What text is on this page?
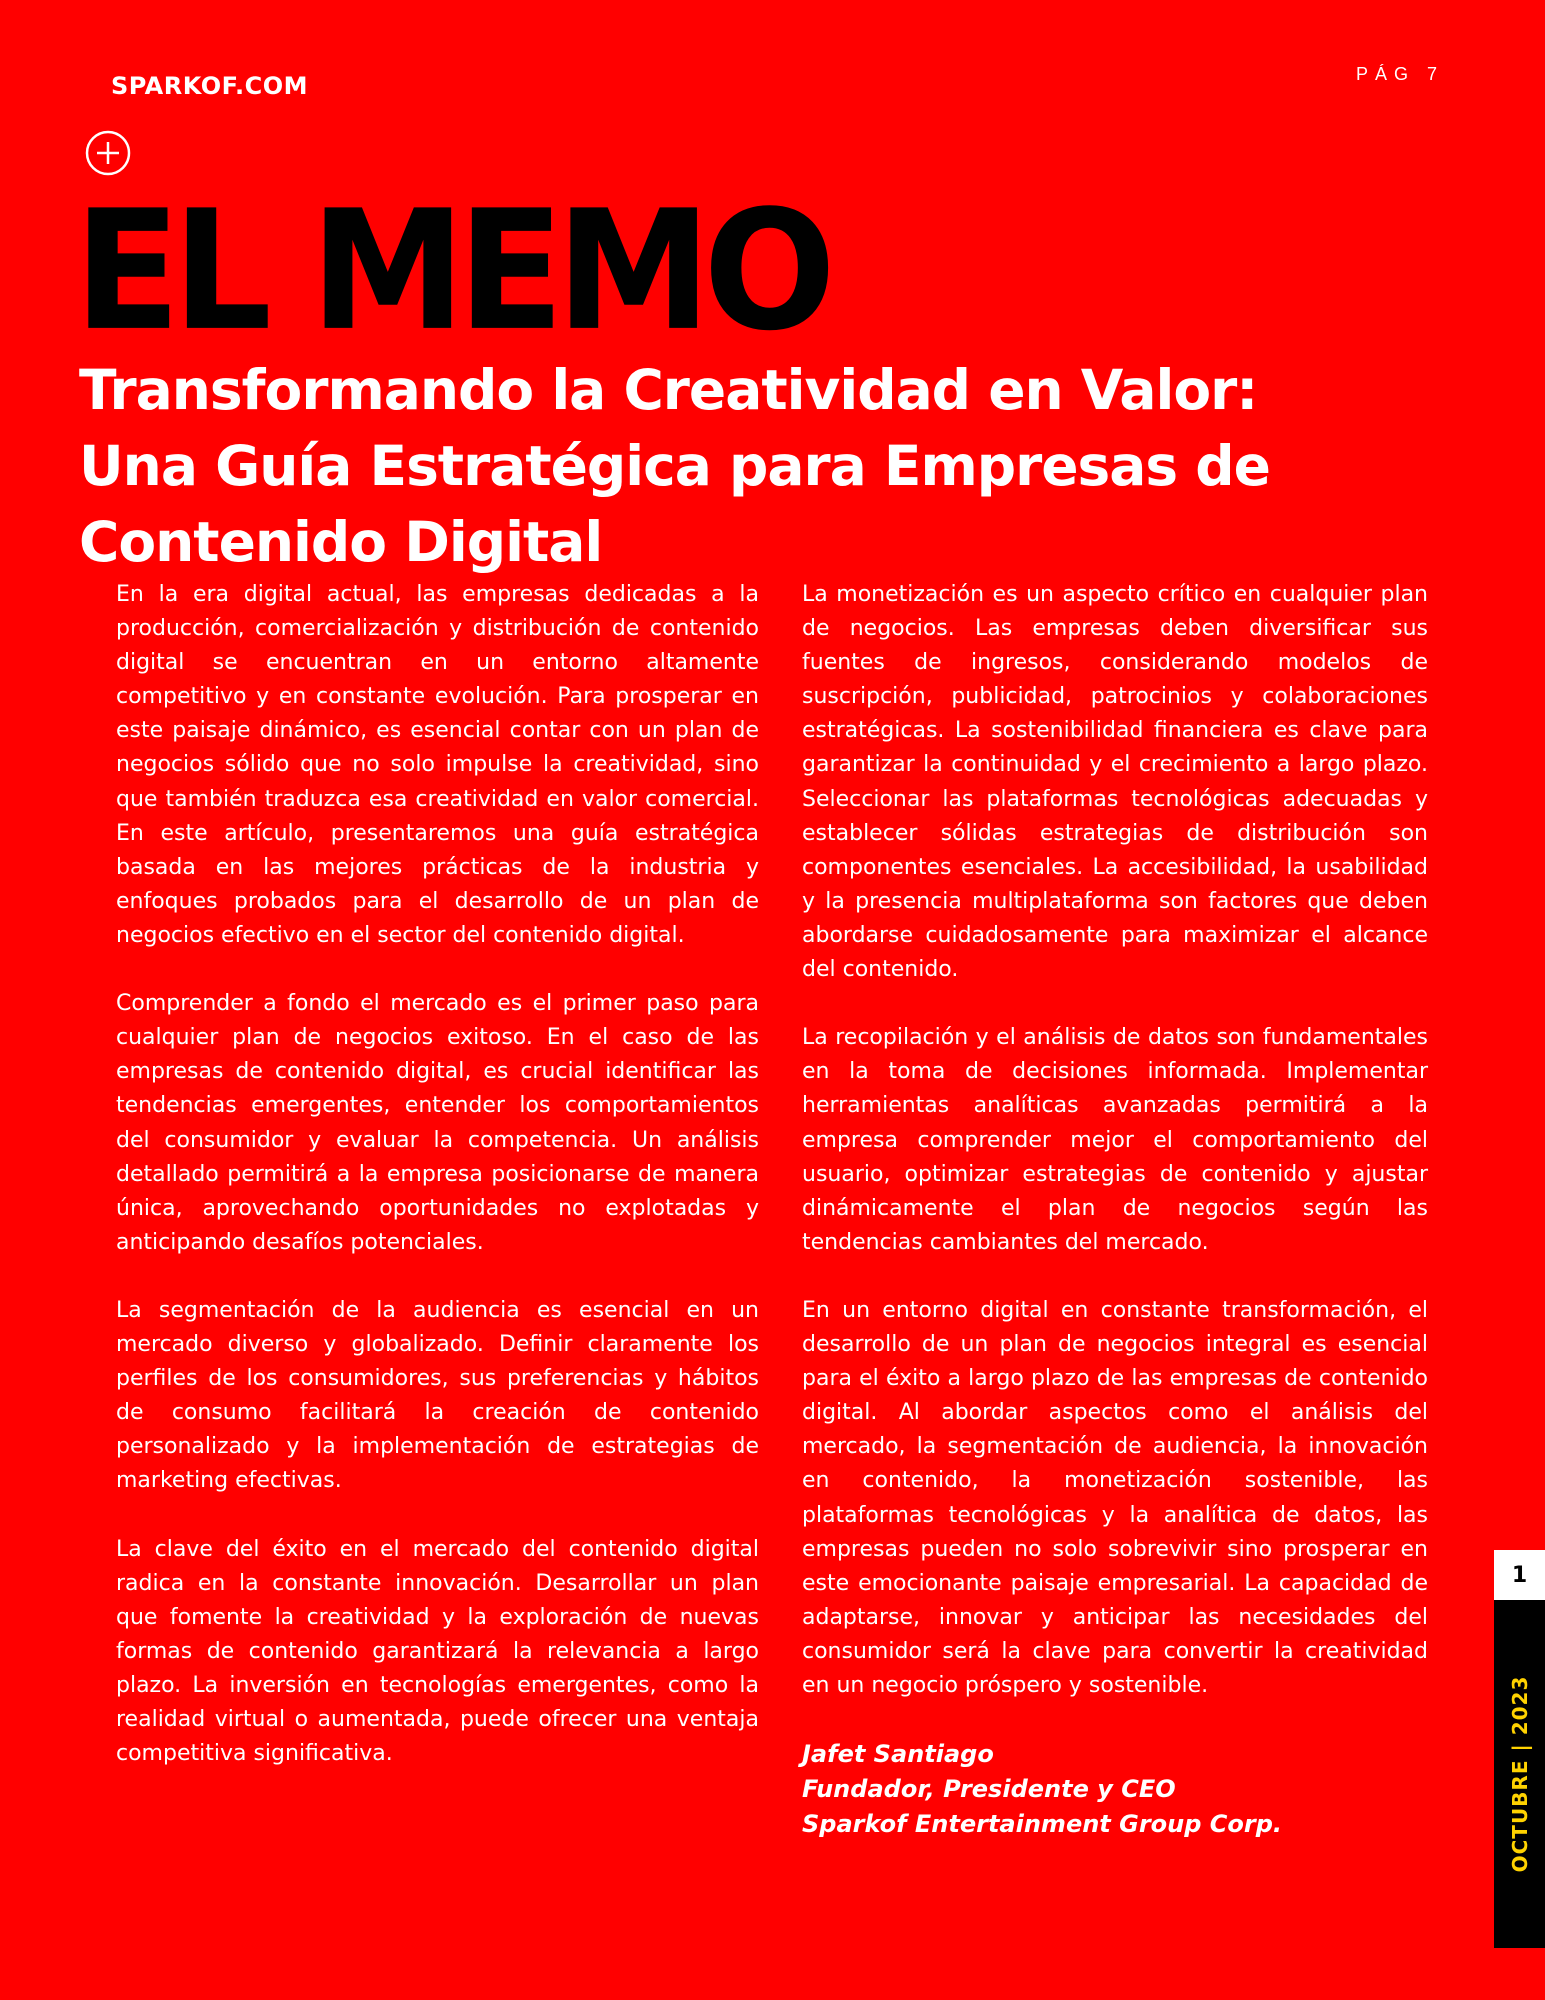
SPARKOF.COM	PÁG 7
EL MEMO
Transformando la Creatividad en Valor:
Una Guía Estratégica para Empresas de
Contenido Digital

En la era digital actual, las empresas dedicadas a la producción, comercialización y distribución de contenido digital se encuentran en un entorno altamente competitivo y en constante evolución. Para prosperar en este paisaje dinámico, es esencial contar con un plan de negocios sólido que no solo impulse la creatividad, sino que también traduzca esa creatividad en valor comercial. En este artículo, presentaremos una guía estratégica basada en las mejores prácticas de la industria y enfoques probados para el desarrollo de un plan de negocios efectivo en el sector del contenido digital.

Comprender a fondo el mercado es el primer paso para cualquier plan de negocios exitoso. En el caso de las empresas de contenido digital, es crucial identificar las tendencias emergentes, entender los comportamientos del consumidor y evaluar la competencia. Un análisis detallado permitirá a la empresa posicionarse de manera única, aprovechando oportunidades no explotadas y anticipando desafíos potenciales.

La segmentación de la audiencia es esencial en un mercado diverso y globalizado. Definir claramente los perfiles de los consumidores, sus preferencias y hábitos de consumo facilitará la creación de contenido personalizado y la implementación de estrategias de marketing efectivas.

La clave del éxito en el mercado del contenido digital radica en la constante innovación. Desarrollar un plan que fomente la creatividad y la exploración de nuevas formas de contenido garantizará la relevancia a largo plazo. La inversión en tecnologías emergentes, como la realidad virtual o aumentada, puede ofrecer una ventaja competitiva significativa.

La monetización es un aspecto crítico en cualquier plan de negocios. Las empresas deben diversificar sus fuentes de ingresos, considerando modelos de suscripción, publicidad, patrocinios y colaboraciones estratégicas. La sostenibilidad financiera es clave para garantizar la continuidad y el crecimiento a largo plazo. Seleccionar las plataformas tecnológicas adecuadas y establecer sólidas estrategias de distribución son componentes esenciales. La accesibilidad, la usabilidad y la presencia multiplataforma son factores que deben abordarse cuidadosamente para maximizar el alcance del contenido.

La recopilación y el análisis de datos son fundamentales en la toma de decisiones informada. Implementar herramientas analíticas avanzadas permitirá a la empresa comprender mejor el comportamiento del usuario, optimizar estrategias de contenido y ajustar dinámicamente el plan de negocios según las tendencias cambiantes del mercado.

En un entorno digital en constante transformación, el desarrollo de un plan de negocios integral es esencial para el éxito a largo plazo de las empresas de contenido digital. Al abordar aspectos como el análisis del mercado, la segmentación de audiencia, la innovación en contenido, la monetización sostenible, las plataformas tecnológicas y la analítica de datos, las empresas pueden no solo sobrevivir sino prosperar en este emocionante paisaje empresarial. La capacidad de adaptarse, innovar y anticipar las necesidades del consumidor será la clave para convertir la creatividad en un negocio próspero y sostenible.

Jafet Santiago
Fundador, Presidente y CEO
Sparkof Entertainment Group Corp.
1
OCTUBRE | 2023
